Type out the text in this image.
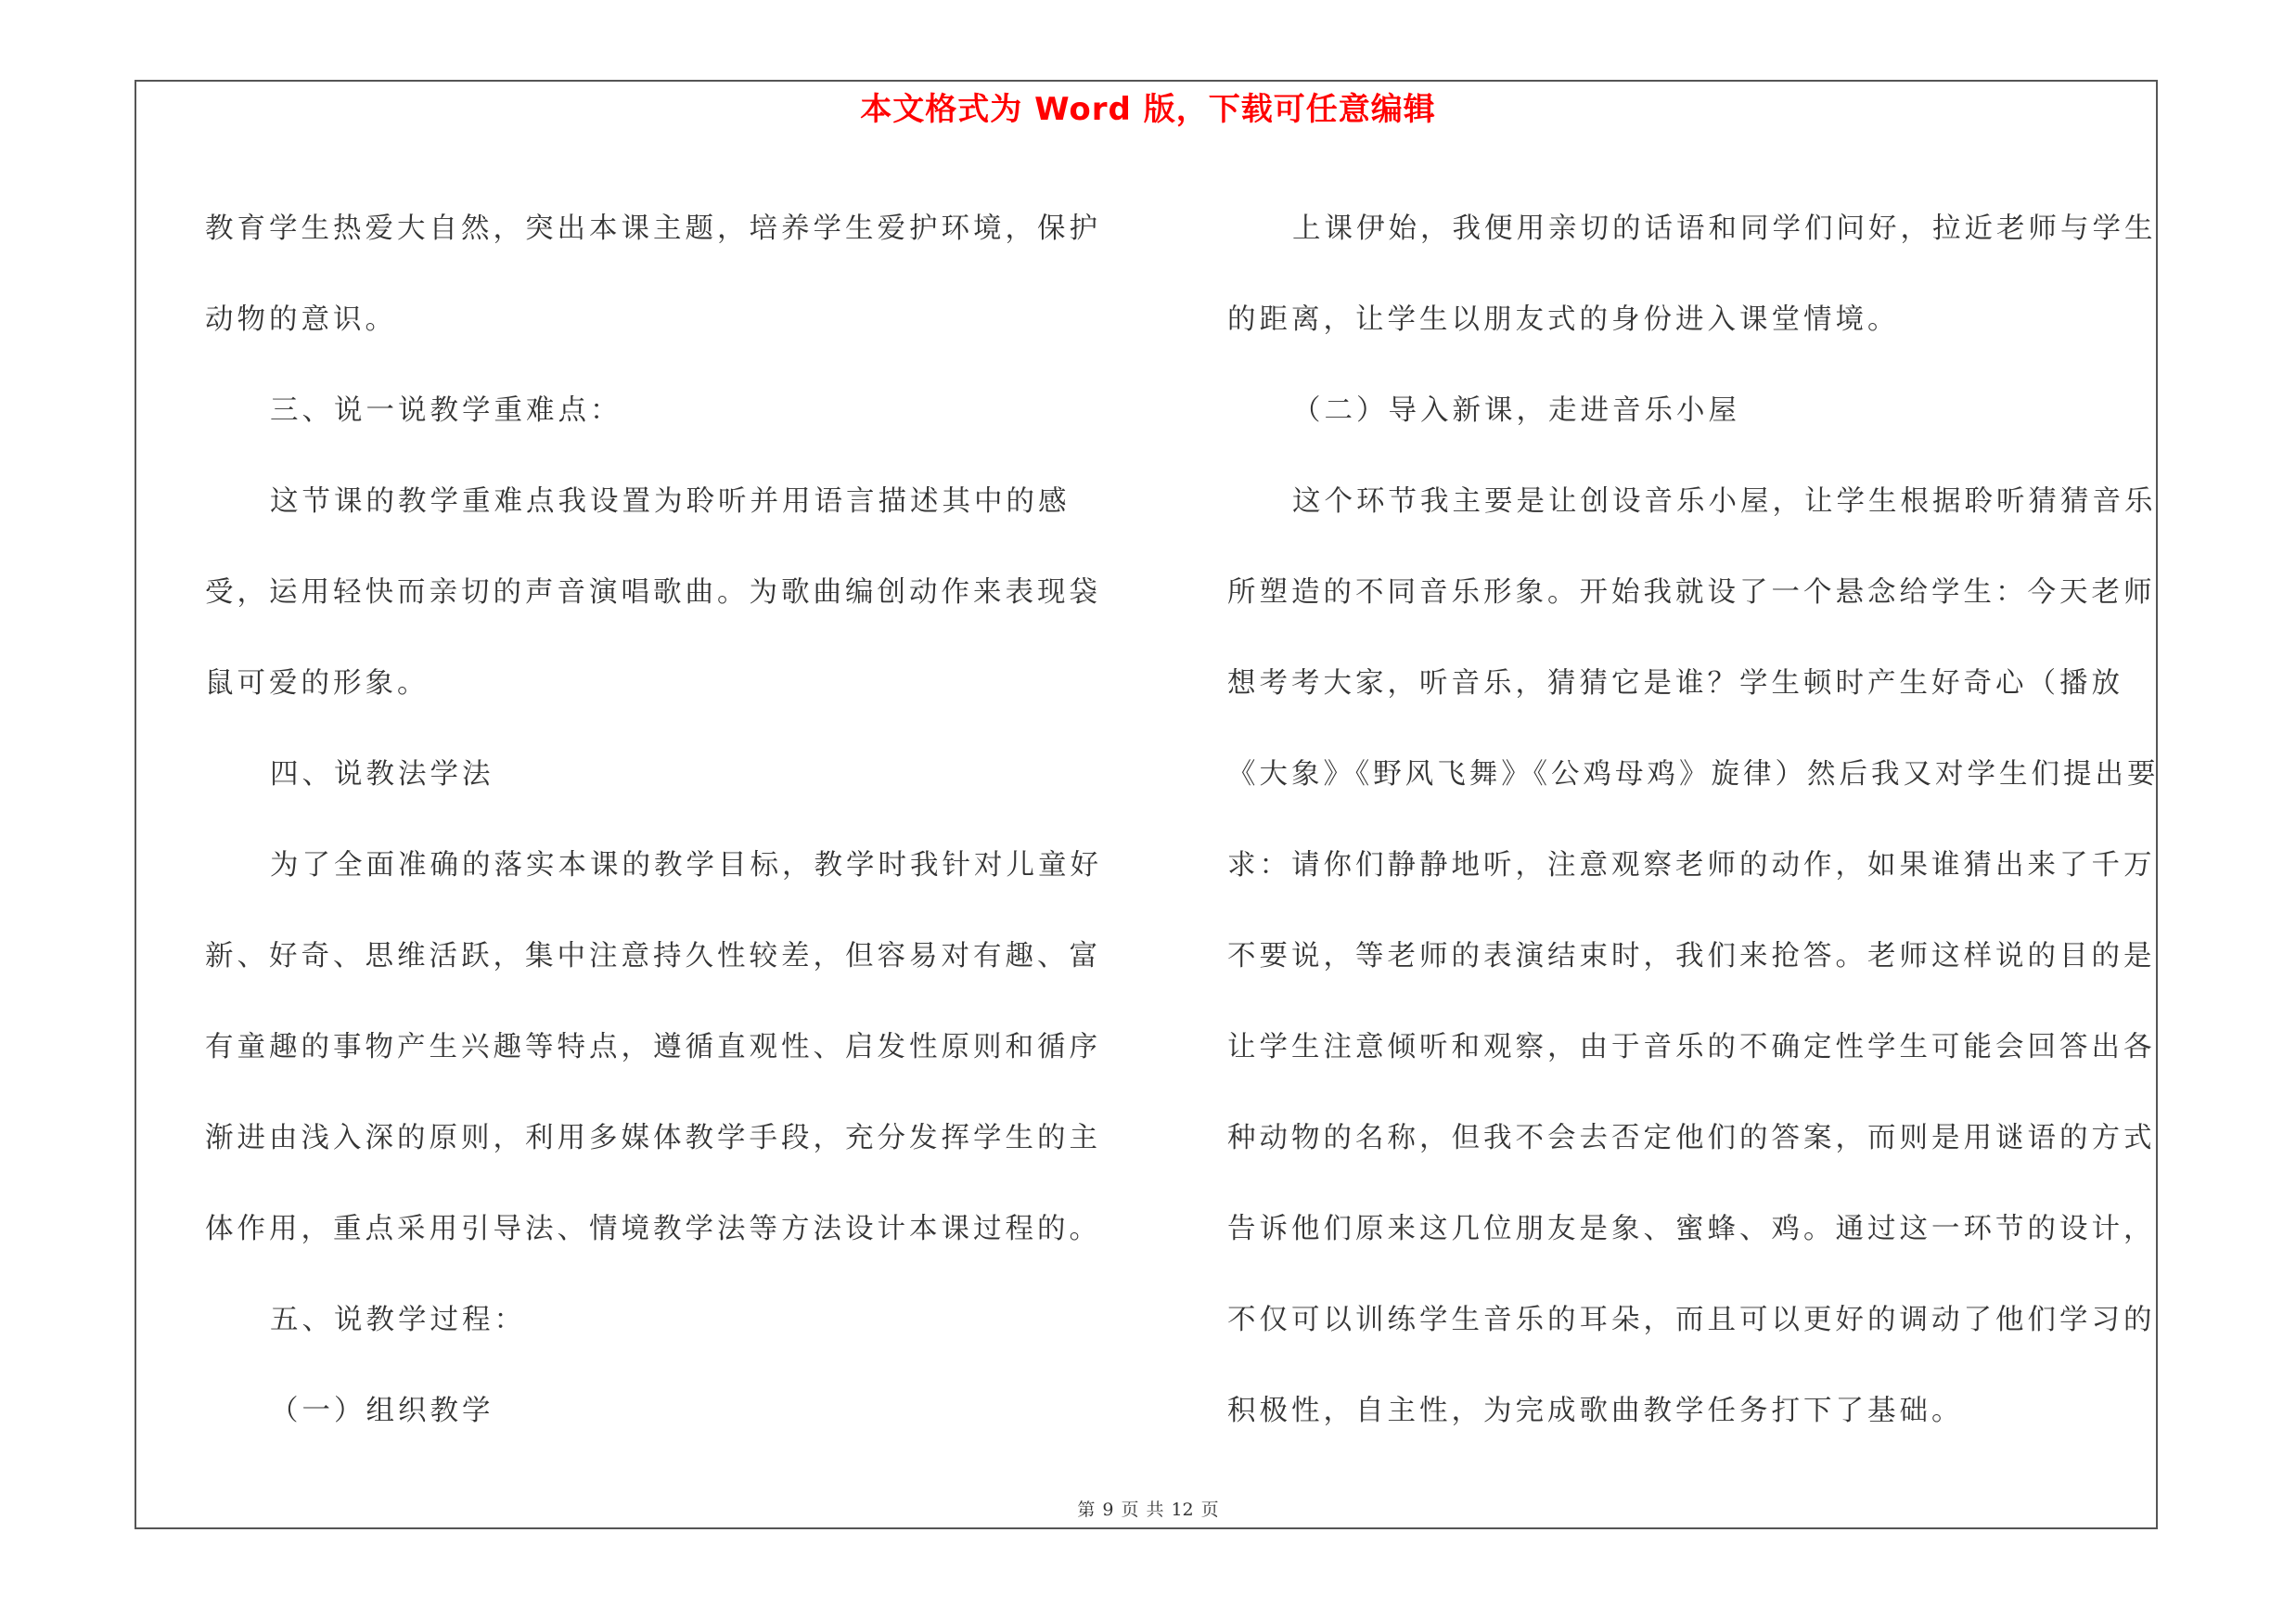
本文格式为 Word 版，下载可任意编辑

教育学生热爱大自然，突出本课主题，培养学生爱护环境，保护动物的意识。

三、说一说教学重难点：

这节课的教学重难点我设置为聆听并用语言描述其中的感受，运用轻快而亲切的声音演唱歌曲。为歌曲编创动作来表现袋鼠可爱的形象。

四、说教法学法

为了全面准确的落实本课的教学目标，教学时我针对儿童好新、好奇、思维活跃，集中注意持久性较差，但容易对有趣、富有童趣的事物产生兴趣等特点，遵循直观性、启发性原则和循序渐进由浅入深的原则，利用多媒体教学手段，充分发挥学生的主体作用，重点采用引导法、情境教学法等方法设计本课过程的。

五、说教学过程：

（一）组织教学

上课伊始，我便用亲切的话语和同学们问好，拉近老师与学生的距离，让学生以朋友式的身份进入课堂情境。

（二）导入新课，走进音乐小屋

这个环节我主要是让创设音乐小屋，让学生根据聆听猜猜音乐所塑造的不同音乐形象。开始我就设了一个悬念给学生：今天老师想考考大家，听音乐，猜猜它是谁？学生顿时产生好奇心（播放《大象》《野风飞舞》《公鸡母鸡》旋律）然后我又对学生们提出要求：请你们静静地听，注意观察老师的动作，如果谁猜出来了千万不要说，等老师的表演结束时，我们来抢答。老师这样说的目的是让学生注意倾听和观察，由于音乐的不确定性学生可能会回答出各种动物的名称，但我不会去否定他们的答案，而则是用谜语的方式告诉他们原来这几位朋友是象、蜜蜂、鸡。通过这一环节的设计，不仅可以训练学生音乐的耳朵，而且可以更好的调动了他们学习的积极性，自主性，为完成歌曲教学任务打下了基础。

第 9 页 共 12 页
